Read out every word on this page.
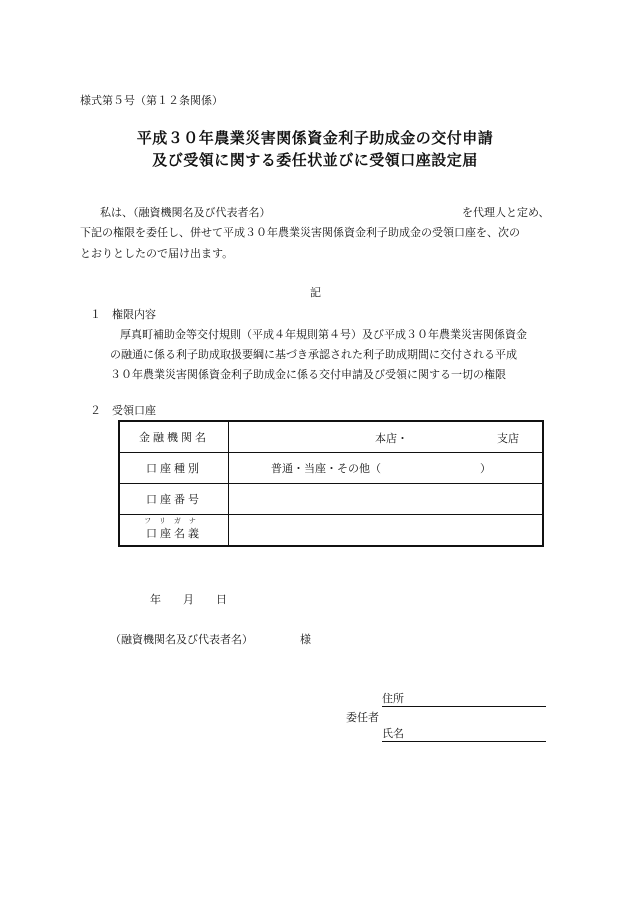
様式第５号（第１２条関係）
平成３０年農業災害関係資金利子助成金の交付申請
及び受領に関する委任状並びに受領口座設定届
私は、（融資機関名及び代表者名）	を代理人と定め、
下記の権限を委任し、併せて平成３０年農業災害関係資金利子助成金の受領口座を、次の
とおりとしたので届け出ます。
記
１　権限内容
厚真町補助金等交付規則（平成４年規則第４号）及び平成３０年農業災害関係資金
の融通に係る利子助成取扱要綱に基づき承認された利子助成期間に交付される平成
３０年農業災害関係資金利子助成金に係る交付申請及び受領に関する一切の権限
２　受領口座
金融機関名	本店・ 支店

口座種別	普通・当座・その他（　　　　　　　　　）
口座番号	

フリガナ
口座名義	
年　　月　　日
（融資機関名及び代表者名）	様
住所
委任者
氏名
